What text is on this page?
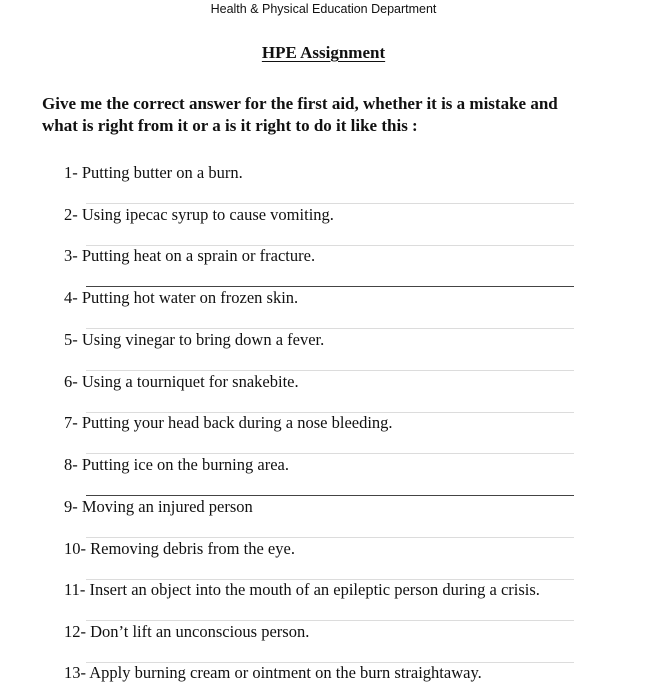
Health & Physical Education Department
HPE Assignment
Give me the correct answer for the first aid, whether it is a mistake and
what is right from it or a is it right to do it like this :
1- Putting butter on a burn.
2- Using ipecac syrup to cause vomiting.
3- Putting heat on a sprain or fracture.
4- Putting hot water on frozen skin.
5- Using vinegar to bring down a fever.
6- Using a tourniquet for snakebite.
7- Putting your head back during a nose bleeding.
8- Putting ice on the burning area.
9- Moving an injured person
10- Removing debris from the eye.
11- Insert an object into the mouth of an epileptic person during a crisis.
12- Don’t lift an unconscious person.
13- Apply burning cream or ointment on the burn straightaway.
